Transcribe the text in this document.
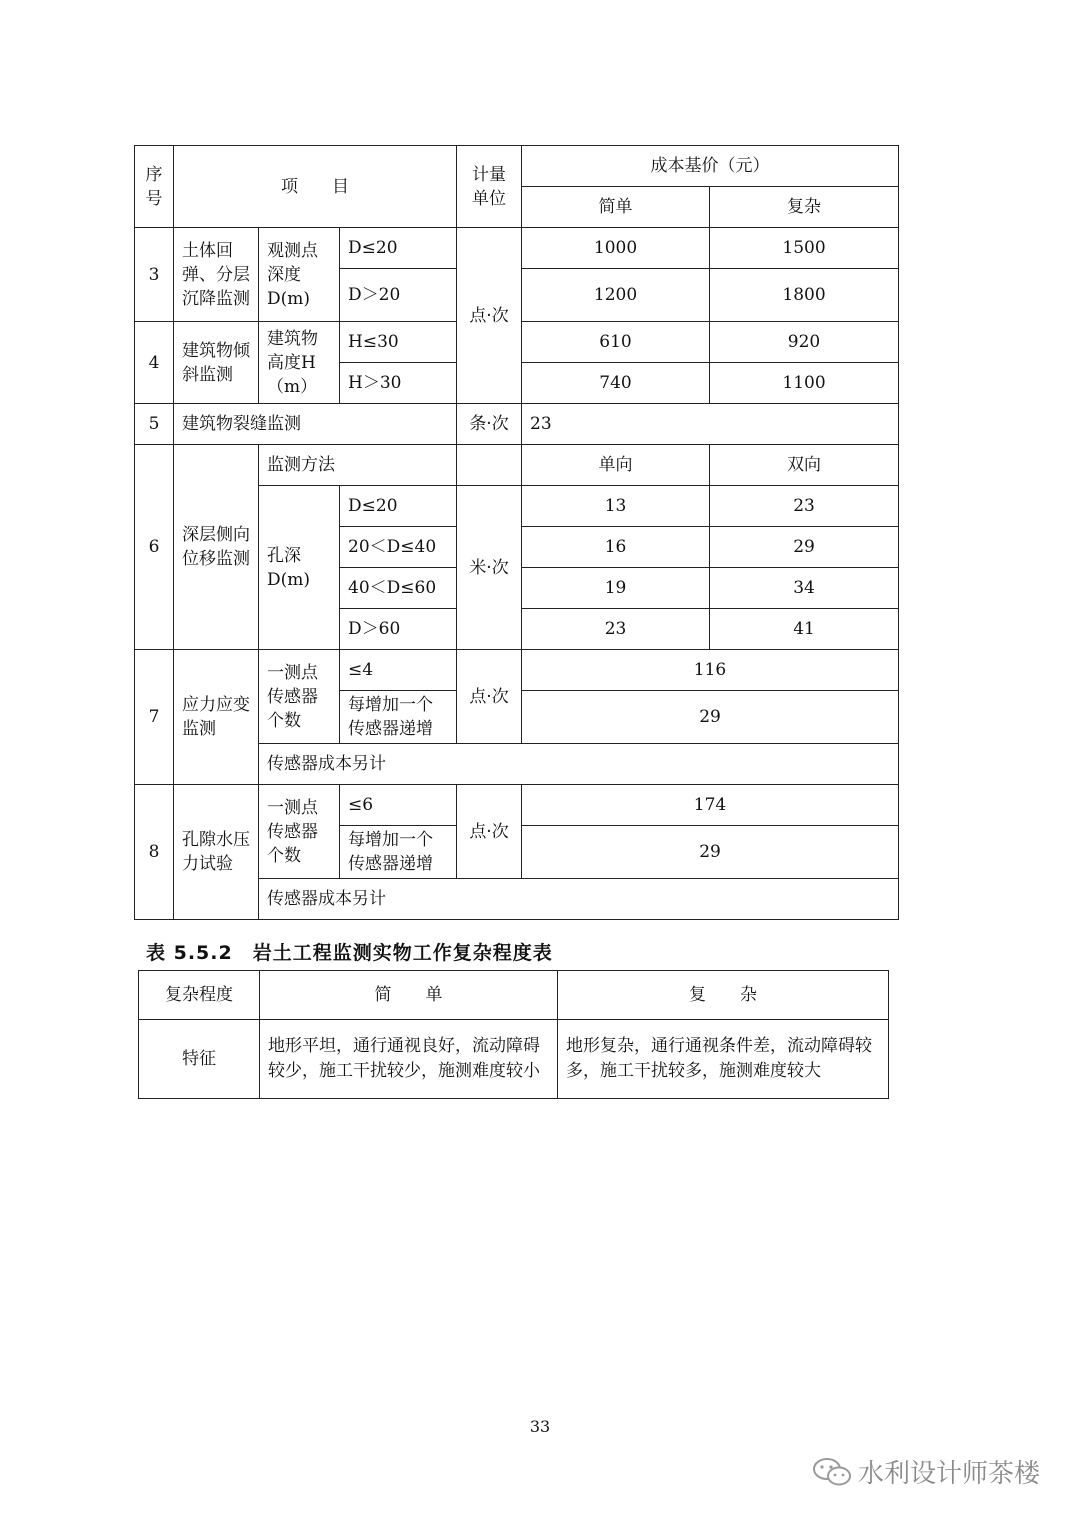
序号	项　　目			计量单位	成本基价（元）	
					简单	复杂
3	土体回弹、分层沉降监测	观测点深度D(m)	D≤20	点·次	1000	1500
			D＞20		1200	1800
4	建筑物倾斜监测	建筑物高度H（m）	H≤30		610	920
			H＞30		740	1100
5	建筑物裂缝监测			条·次	23	
6	深层侧向位移监测	监测方法			单向	双向
		孔深D(m)	D≤20	米·次	13	23
			20＜D≤40		16	29
			40＜D≤60		19	34
			D＞60		23	41
7	应力应变监测	一测点传感器个数	≤4	点·次	116	
			每增加一个传感器递增		29	
		传感器成本另计				
8	孔隙水压力试验	一测点传感器个数	≤6	点·次	174	
			每增加一个传感器递增		29	
		传感器成本另计				
表 5.5.2　岩土工程监测实物工作复杂程度表
复杂程度	简　　单	复　　杂
特征	地形平坦，通行通视良好，流动障碍较少，施工干扰较少，施测难度较小	地形复杂，通行通视条件差，流动障碍较多，施工干扰较多，施测难度较大
33
水利设计师茶楼
